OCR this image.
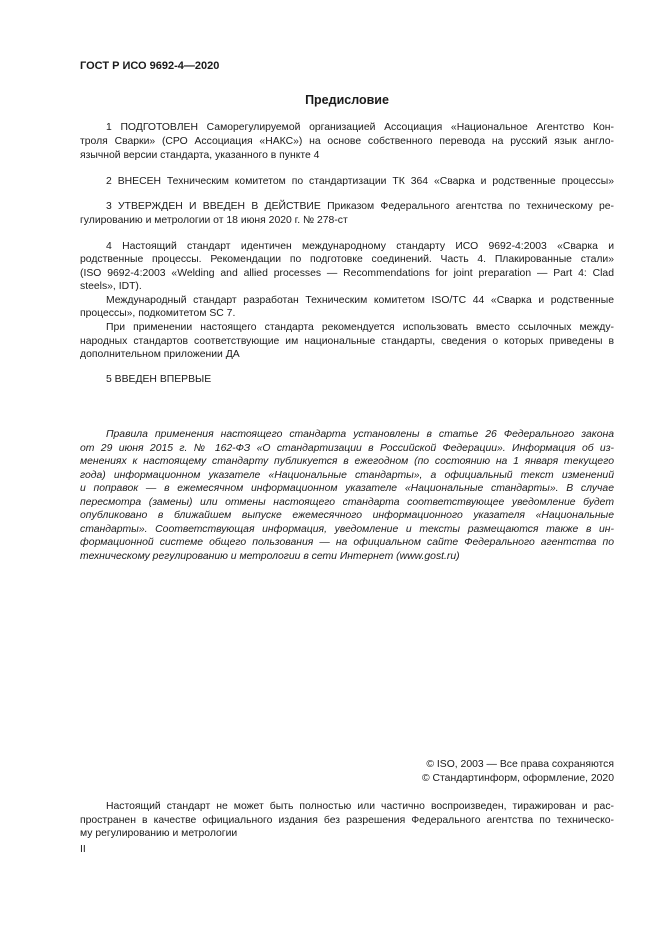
ГОСТ Р ИСО 9692-4—2020
Предисловие
1 ПОДГОТОВЛЕН Саморегулируемой организацией Ассоциация «Национальное Агентство Кон-
троля Сварки» (СРО Ассоциация «НАКС») на основе собственного перевода на русский язык англо-
язычной версии стандарта, указанного в пункте 4
2 ВНЕСЕН Техническим комитетом по стандартизации ТК 364 «Сварка и родственные процессы»
3 УТВЕРЖДЕН И ВВЕДЕН В ДЕЙСТВИЕ Приказом Федерального агентства по техническому ре-
гулированию и метрологии от 18 июня 2020 г. № 278-ст
4 Настоящий стандарт идентичен международному стандарту ИСО 9692-4:2003 «Сварка и
родственные процессы. Рекомендации по подготовке соединений. Часть 4. Плакированные стали»
(ISO 9692-4:2003 «Welding and allied processes — Recommendations for joint preparation — Part 4: Clad
steels», IDT).
Международный стандарт разработан Техническим комитетом ISO/TC 44 «Сварка и родственные
процессы», подкомитетом SC 7.
При применении настоящего стандарта рекомендуется использовать вместо ссылочных между-
народных стандартов соответствующие им национальные стандарты, сведения о которых приведены в
дополнительном приложении ДА
5 ВВЕДЕН ВПЕРВЫЕ
Правила применения настоящего стандарта установлены в статье 26 Федерального закона
от 29 июня 2015 г. № 162-ФЗ «О стандартизации в Российской Федерации». Информация об из-
менениях к настоящему стандарту публикуется в ежегодном (по состоянию на 1 января текущего
года) информационном указателе «Национальные стандарты», а официальный текст изменений
и поправок — в ежемесячном информационном указателе «Национальные стандарты». В случае
пересмотра (замены) или отмены настоящего стандарта соответствующее уведомление будет
опубликовано в ближайшем выпуске ежемесячного информационного указателя «Национальные
стандарты». Соответствующая информация, уведомление и тексты размещаются также в ин-
формационной системе общего пользования — на официальном сайте Федерального агентства по
техническому регулированию и метрологии в сети Интернет (www.gost.ru)
© ISO, 2003 — Все права сохраняются
© Стандартинформ, оформление, 2020
Настоящий стандарт не может быть полностью или частично воспроизведен, тиражирован и рас-
пространен в качестве официального издания без разрешения Федерального агентства по техническо-
му регулированию и метрологии
II
